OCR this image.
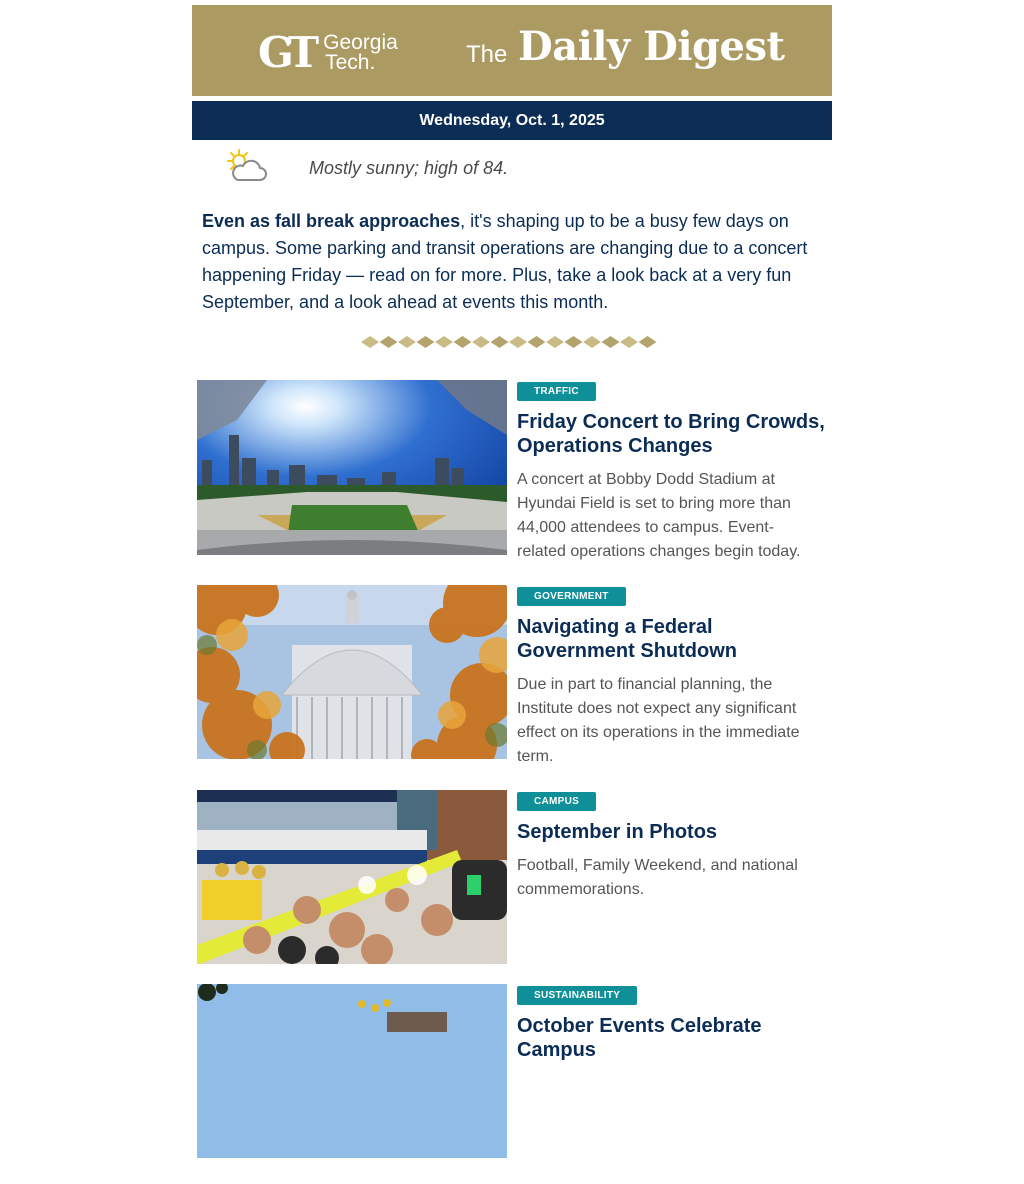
GT Georgia
Tech.	The Daily Digest
Wednesday, Oct. 1, 2025
Mostly sunny; high of 84.
Even as fall break approaches, it's shaping up to be a busy few days on campus. Some parking and transit operations are changing due to a concert happening Friday — read on for more. Plus, take a look back at a very fun September, and a look ahead at events this month.
TRAFFIC
Friday Concert to Bring Crowds, Operations Changes
A concert at Bobby Dodd Stadium at Hyundai Field is set to bring more than 44,000 attendees to campus. Event-related operations changes begin today.
GOVERNMENT
Navigating a Federal Government Shutdown
Due in part to financial planning, the Institute does not expect any significant effect on its operations in the immediate term.
CAMPUS
September in Photos
Football, Family Weekend, and national commemorations.
SUSTAINABILITY
October Events Celebrate Campus
